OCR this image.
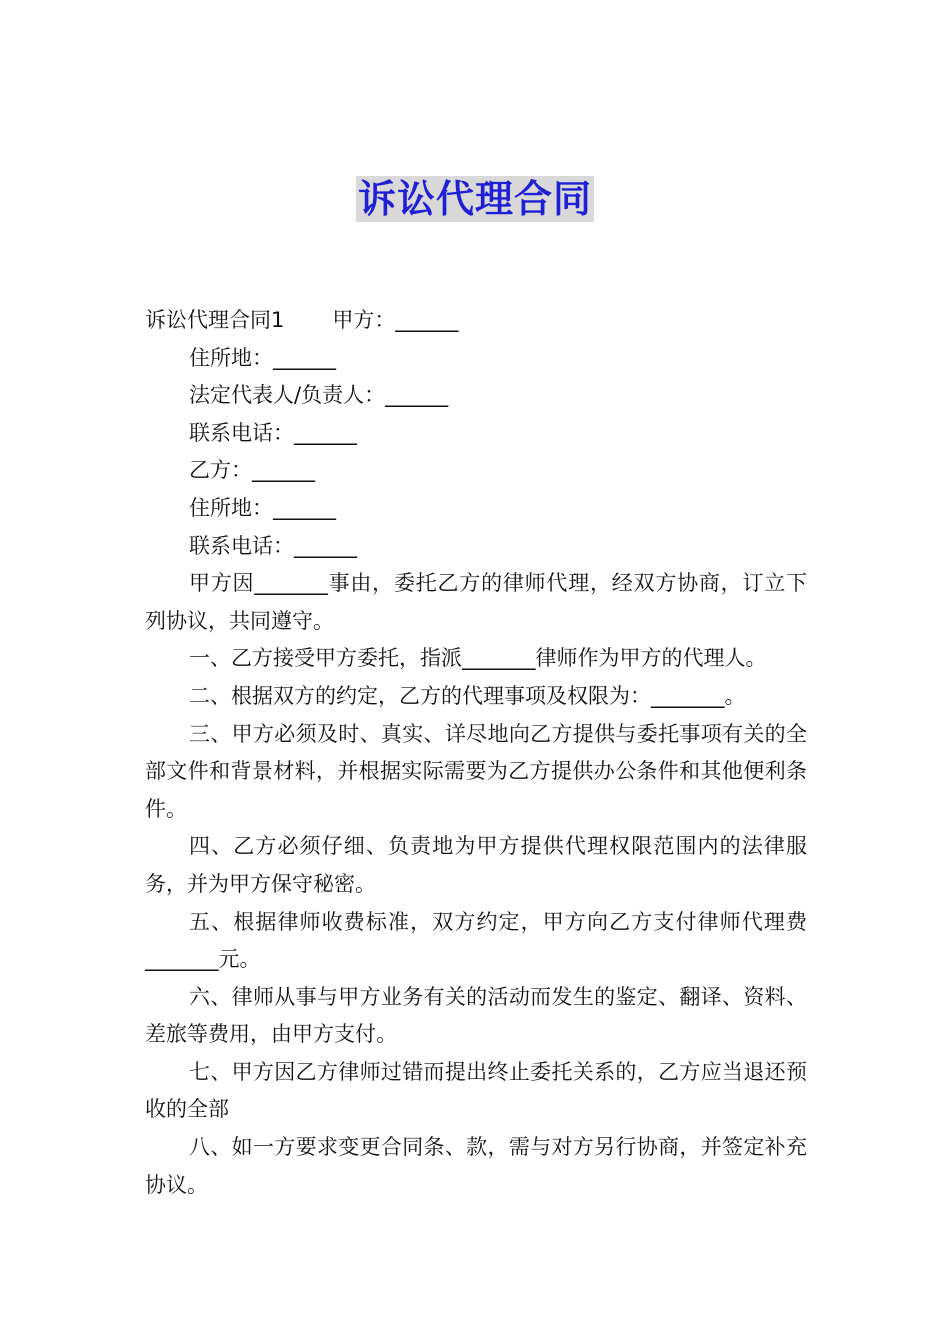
诉讼代理合同

诉讼代理合同1 甲方：______

住所地：______

法定代表人/负责人：______

联系电话：______

乙方：______

住所地：______

联系电话：______

甲方因_______事由，委托乙方的律师代理，经双方协商，订立下列协议，共同遵守。

一、乙方接受甲方委托，指派_______律师作为甲方的代理人。

二、根据双方的约定，乙方的代理事项及权限为：_______。

三、甲方必须及时、真实、详尽地向乙方提供与委托事项有关的全部文件和背景材料，并根据实际需要为乙方提供办公条件和其他便利条件。

四、乙方必须仔细、负责地为甲方提供代理权限范围内的法律服务，并为甲方保守秘密。

五、根据律师收费标准，双方约定，甲方向乙方支付律师代理费_______元。

六、律师从事与甲方业务有关的活动而发生的鉴定、翻译、资料、差旅等费用，由甲方支付。

七、甲方因乙方律师过错而提出终止委托关系的，乙方应当退还预收的全部

八、如一方要求变更合同条、款，需与对方另行协商，并签定补充协议。
